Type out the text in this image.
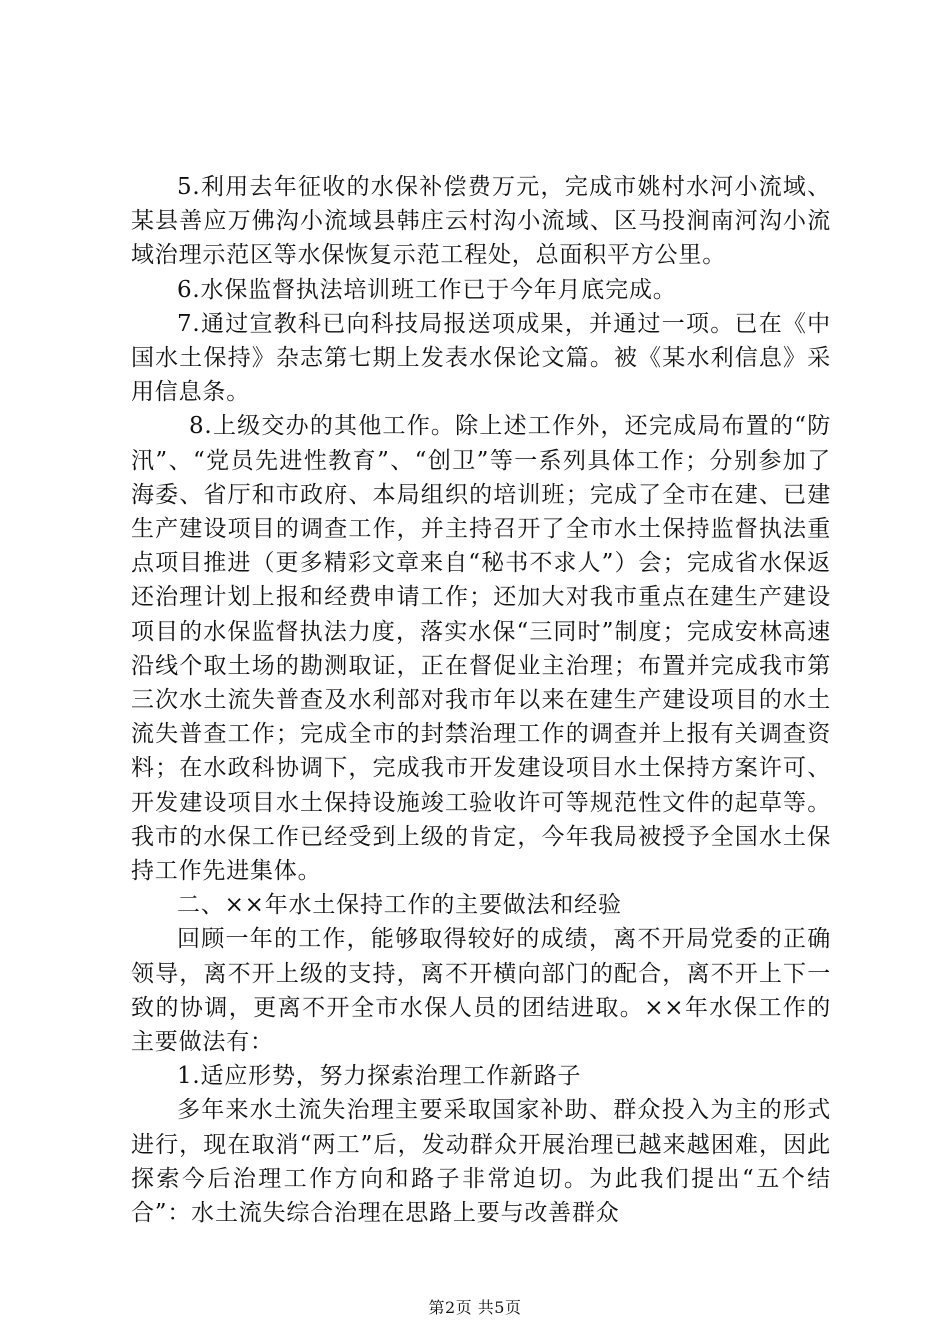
5.利用去年征收的水保补偿费万元，完成市姚村水河小流域、某县善应万佛沟小流域县韩庄云村沟小流域、区马投涧南河沟小流域治理示范区等水保恢复示范工程处，总面积平方公里。

6.水保监督执法培训班工作已于今年月底完成。

7.通过宣教科已向科技局报送项成果，并通过一项。已在《中国水土保持》杂志第七期上发表水保论文篇。被《某水利信息》采用信息条。

8.上级交办的其他工作。除上述工作外，还完成局布置的“防汛”、“党员先进性教育”、“创卫”等一系列具体工作；分别参加了海委、省厅和市政府、本局组织的培训班；完成了全市在建、已建生产建设项目的调查工作，并主持召开了全市水土保持监督执法重点项目推进（更多精彩文章来自“秘书不求人”）会；完成省水保返还治理计划上报和经费申请工作；还加大对我市重点在建生产建设项目的水保监督执法力度，落实水保“三同时”制度；完成安林高速沿线个取土场的勘测取证，正在督促业主治理；布置并完成我市第三次水土流失普查及水利部对我市年以来在建生产建设项目的水土流失普查工作；完成全市的封禁治理工作的调查并上报有关调查资料；在水政科协调下，完成我市开发建设项目水土保持方案许可、开发建设项目水土保持设施竣工验收许可等规范性文件的起草等。我市的水保工作已经受到上级的肯定，今年我局被授予全国水土保持工作先进集体。

二、××年水土保持工作的主要做法和经验

回顾一年的工作，能够取得较好的成绩，离不开局党委的正确领导，离不开上级的支持，离不开横向部门的配合，离不开上下一致的协调，更离不开全市水保人员的团结进取。××年水保工作的主要做法有：

1.适应形势，努力探索治理工作新路子

多年来水土流失治理主要采取国家补助、群众投入为主的形式进行，现在取消“两工”后，发动群众开展治理已越来越困难，因此探索今后治理工作方向和路子非常迫切。为此我们提出“五个结合”：水土流失综合治理在思路上要与改善群众

第2页 共5页
